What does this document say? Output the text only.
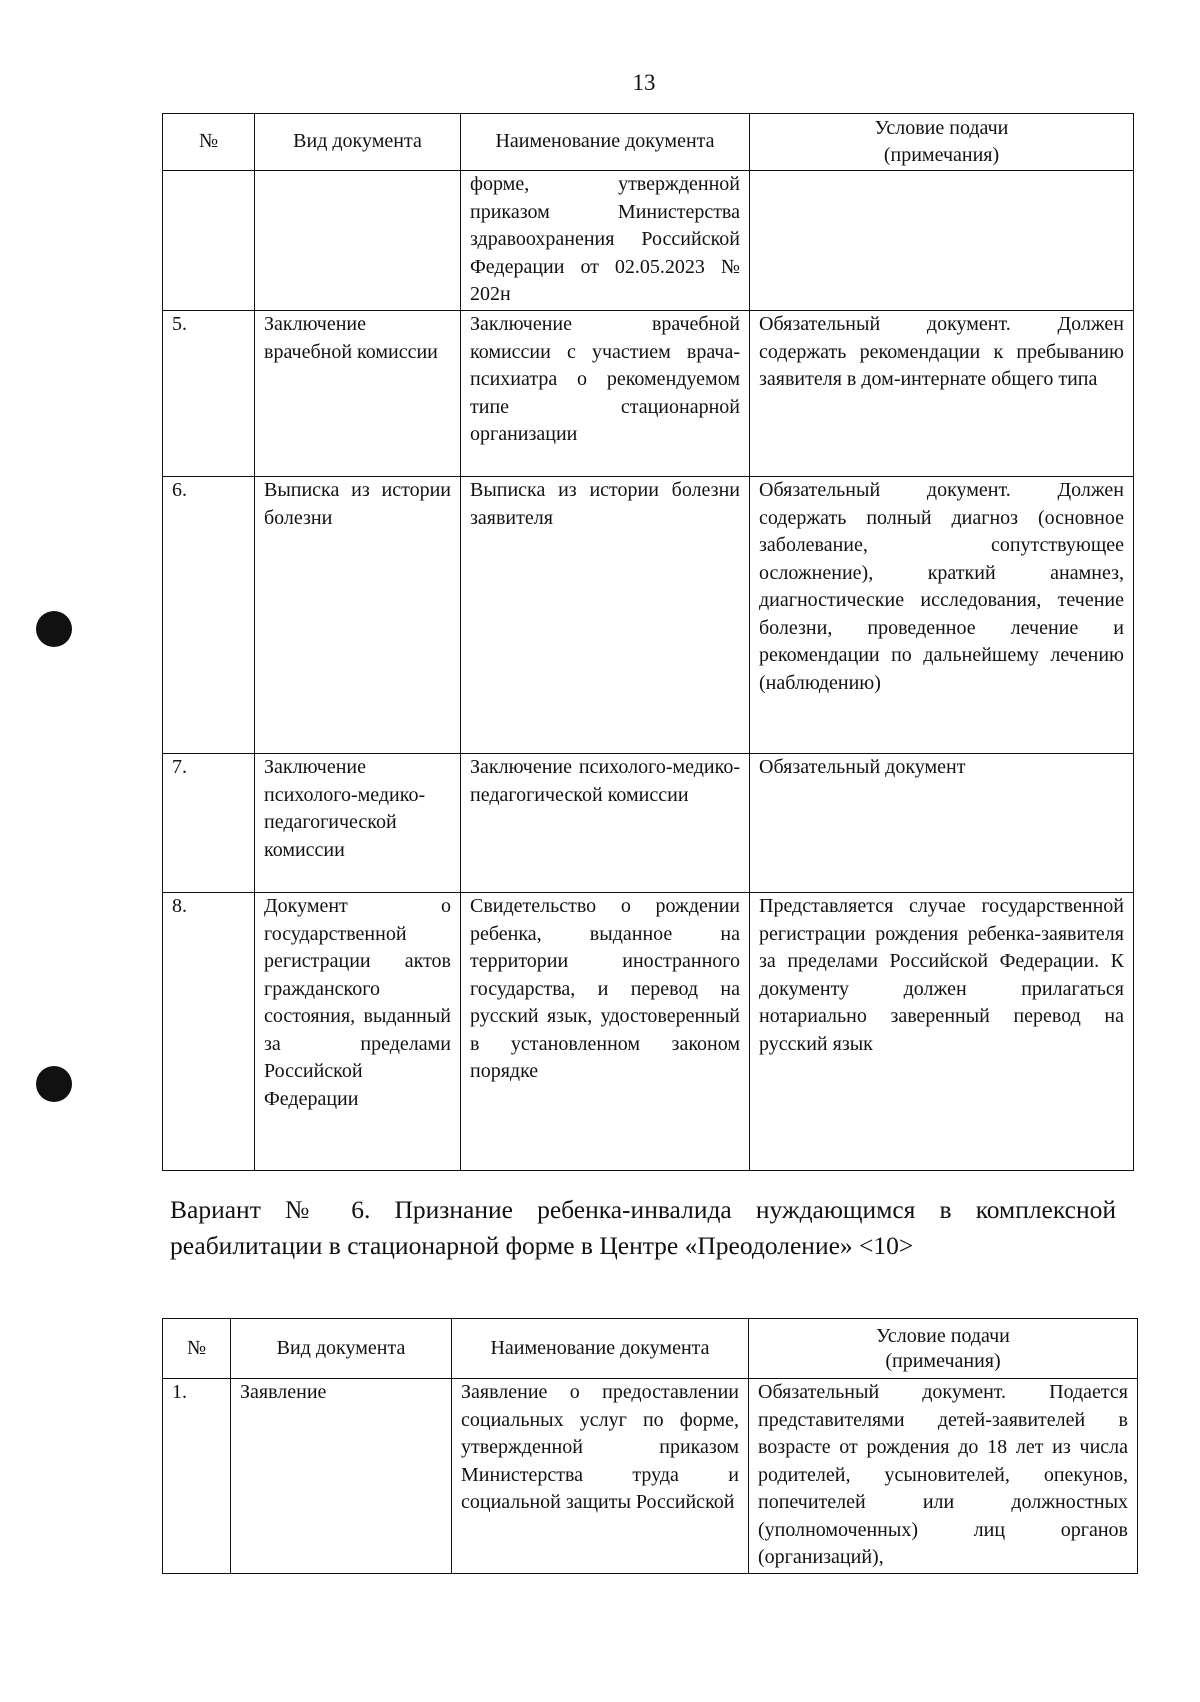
13
№	Вид документа	Наименование документа	Условие подачи
(примечания)

		форме, утвержденной приказом Министерства здравоохранения Российской Федерации от 02.05.2023 № 202н	
5.	Заключение врачебной комиссии	Заключение врачебной комиссии с участием врача-психиатра о рекомендуемом типе стационарной организации	Обязательный документ. Должен содержать рекомендации к пребыванию заявителя в дом-интернате общего типа
6.	Выписка из истории болезни	Выписка из истории болезни заявителя	Обязательный документ. Должен содержать полный диагноз (основное заболевание, сопутствующее осложнение), краткий анамнез, диагностические исследования, течение болезни, проведенное лечение и рекомендации по дальнейшему лечению (наблюдению)
7.	Заключение психолого-медико-педагогической комиссии	Заключение психолого-медико-педагогической комиссии	Обязательный документ
8.	Документ о государственной регистрации актов гражданского состояния, выданный за пределами Российской Федерации	Свидетельство о рождении ребенка, выданное на территории иностранного государства, и перевод на русский язык, удостоверенный в установленном законом порядке	Представляется случае государственной регистрации рождения ребенка-заявителя за пределами Российской Федерации. К документу должен прилагаться нотариально заверенный перевод на русский язык
Вариант № 6. Признание ребенка-инвалида нуждающимся в комплексной реабилитации в стационарной форме в Центре «Преодоление» <10>
№	Вид документа	Наименование документа	Условие подачи
(примечания)

1.	Заявление	Заявление о предоставлении социальных услуг по форме, утвержденной приказом Министерства труда и социальной защиты Российской	Обязательный документ. Подается представителями детей-заявителей в возрасте от рождения до 18 лет из числа родителей, усыновителей, опекунов, попечителей или должностных (уполномоченных) лиц органов (организаций),
